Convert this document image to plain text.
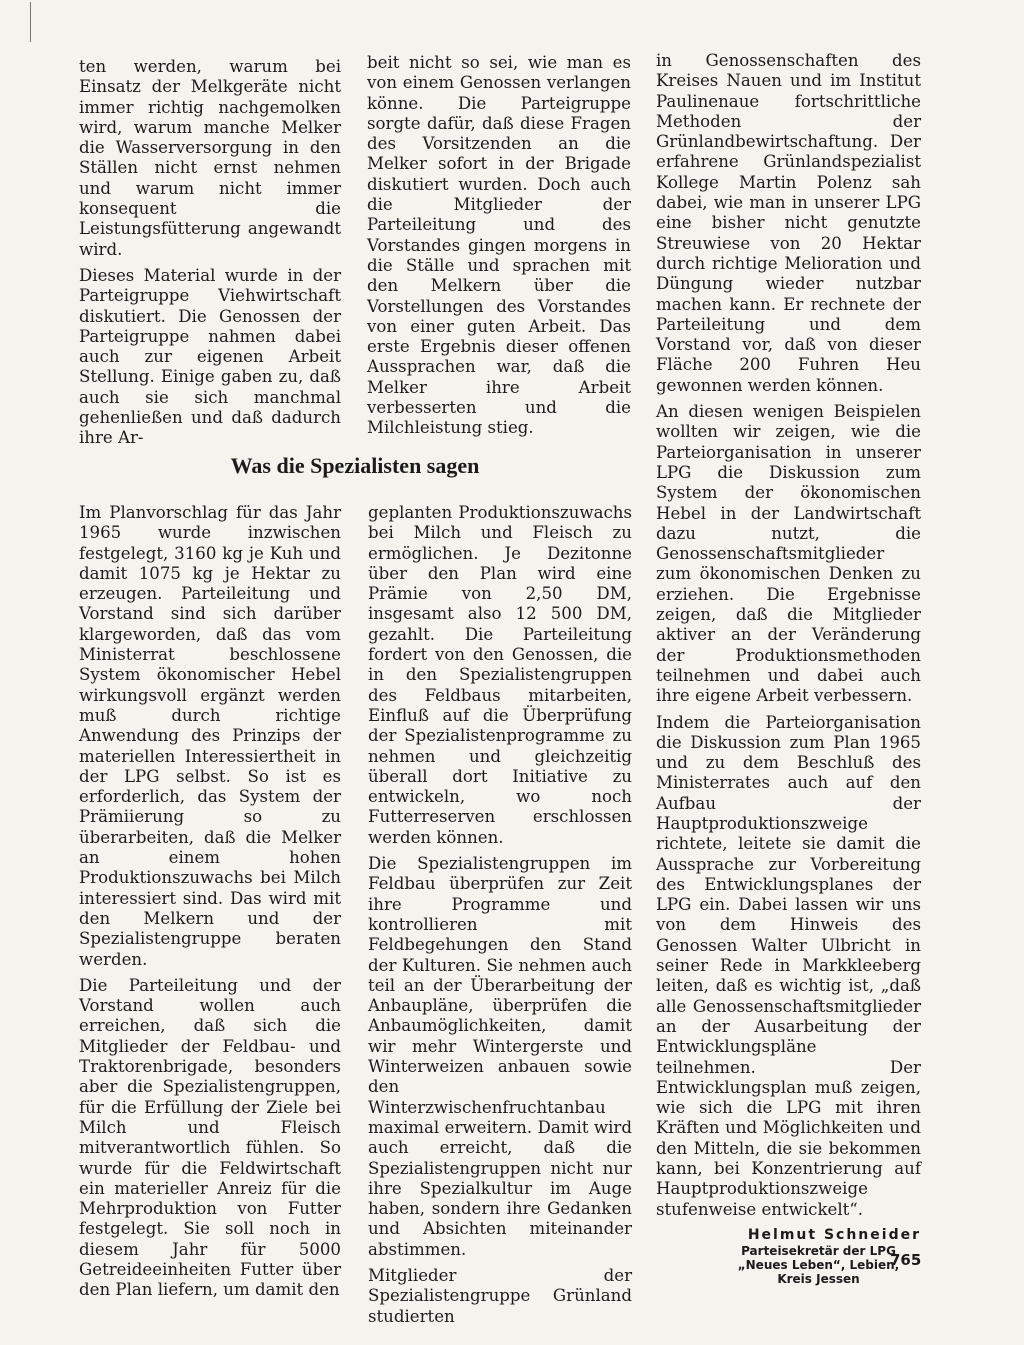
ten werden, warum bei Einsatz der Melkgeräte nicht immer richtig nachgemolken wird, warum manche Melker die Wasserversorgung in den Ställen nicht ernst nehmen und warum nicht immer konsequent die Leistungsfütterung angewandt wird.

Dieses Material wurde in der Parteigruppe Viehwirtschaft diskutiert. Die Genossen der Parteigruppe nahmen dabei auch zur eigenen Arbeit Stellung. Einige gaben zu, daß auch sie sich manchmal gehenließen und daß dadurch ihre Ar-

beit nicht so sei, wie man es von einem Genossen verlangen könne. Die Parteigruppe sorgte dafür, daß diese Fragen des Vorsitzenden an die Melker sofort in der Brigade diskutiert wurden. Doch auch die Mitglieder der Parteileitung und des Vorstandes gingen morgens in die Ställe und sprachen mit den Melkern über die Vorstellungen des Vorstandes von einer guten Arbeit. Das erste Ergebnis dieser offenen Aussprachen war, daß die Melker ihre Arbeit verbesserten und die Milchleistung stieg.

Was die Spezialisten sagen

Im Planvorschlag für das Jahr 1965 wurde inzwischen festgelegt, 3160 kg je Kuh und damit 1075 kg je Hektar zu erzeugen. Parteileitung und Vorstand sind sich darüber klargeworden, daß das vom Ministerrat beschlossene System ökonomischer Hebel wirkungsvoll ergänzt werden muß durch richtige Anwendung des Prinzips der materiellen Interessiertheit in der LPG selbst. So ist es erforderlich, das System der Prämiierung so zu überarbeiten, daß die Melker an einem hohen Produktionszuwachs bei Milch interessiert sind. Das wird mit den Melkern und der Spezialistengruppe beraten werden.

Die Parteileitung und der Vorstand wollen auch erreichen, daß sich die Mitglieder der Feldbau- und Traktorenbrigade, besonders aber die Spezialistengruppen, für die Erfüllung der Ziele bei Milch und Fleisch mitverantwortlich fühlen. So wurde für die Feldwirtschaft ein materieller Anreiz für die Mehrproduktion von Futter festgelegt. Sie soll noch in diesem Jahr für 5000 Getreideeinheiten Futter über den Plan liefern, um damit den

geplanten Produktionszuwachs bei Milch und Fleisch zu ermöglichen. Je Dezitonne über den Plan wird eine Prämie von 2,50 DM, insgesamt also 12 500 DM, gezahlt. Die Parteileitung fordert von den Genossen, die in den Spezialistengruppen des Feldbaus mitarbeiten, Einfluß auf die Überprüfung der Spezialistenprogramme zu nehmen und gleichzeitig überall dort Initiative zu entwickeln, wo noch Futterreserven erschlossen werden können.

Die Spezialistengruppen im Feldbau überprüfen zur Zeit ihre Programme und kontrollieren mit Feldbegehungen den Stand der Kulturen. Sie nehmen auch teil an der Überarbeitung der Anbaupläne, überprüfen die Anbaumöglichkeiten, damit wir mehr Wintergerste und Winterweizen anbauen sowie den Winterzwischenfruchtanbau maximal erweitern. Damit wird auch erreicht, daß die Spezialistengruppen nicht nur ihre Spezialkultur im Auge haben, sondern ihre Gedanken und Absichten miteinander abstimmen.

Mitglieder der Spezialistengruppe Grünland studierten

in Genossenschaften des Kreises Nauen und im Institut Paulinenaue fortschrittliche Methoden der Grünlandbewirtschaftung. Der erfahrene Grünlandspezialist Kollege Martin Polenz sah dabei, wie man in unserer LPG eine bisher nicht genutzte Streuwiese von 20 Hektar durch richtige Melioration und Düngung wieder nutzbar machen kann. Er rechnete der Parteileitung und dem Vorstand vor, daß von dieser Fläche 200 Fuhren Heu gewonnen werden können.

An diesen wenigen Beispielen wollten wir zeigen, wie die Parteiorganisation in unserer LPG die Diskussion zum System der ökonomischen Hebel in der Landwirtschaft dazu nutzt, die Genossenschaftsmitglieder zum ökonomischen Denken zu erziehen. Die Ergebnisse zeigen, daß die Mitglieder aktiver an der Veränderung der Produktionsmethoden teilnehmen und dabei auch ihre eigene Arbeit verbessern.

Indem die Parteiorganisation die Diskussion zum Plan 1965 und zu dem Beschluß des Ministerrates auch auf den Aufbau der Hauptproduktionszweige richtete, leitete sie damit die Aussprache zur Vorbereitung des Entwicklungsplanes der LPG ein. Dabei lassen wir uns von dem Hinweis des Genossen Walter Ulbricht in seiner Rede in Markkleeberg leiten, daß es wichtig ist, „daß alle Genossenschaftsmitglieder an der Ausarbeitung der Entwicklungspläne teilnehmen. Der Entwicklungsplan muß zeigen, wie sich die LPG mit ihren Kräften und Möglichkeiten und den Mitteln, die sie bekommen kann, bei Konzentrierung auf Hauptproduktionszweige stufenweise entwickelt“.

Helmut Schneider
Parteisekretär der LPG
„Neues Leben“, Lebien,
Kreis Jessen
765
